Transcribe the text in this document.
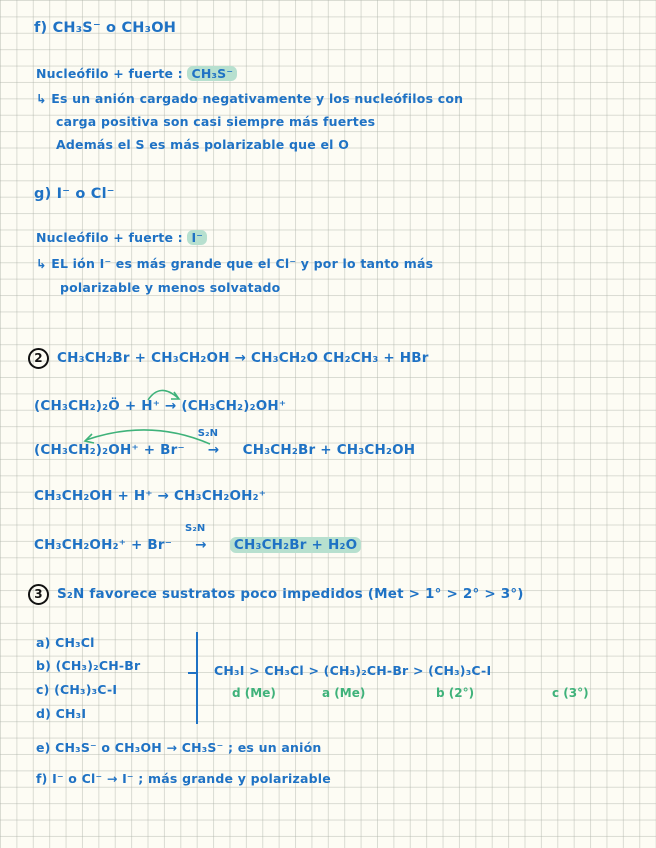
f) CH₃S⁻ o CH₃OH
Nucleófilo + fuerte : CH₃S⁻
↳ Es un anión cargado negativamente y los nucleófilos con
carga positiva son casi siempre más fuertes
Además el S es más polarizable que el O
g) I⁻ o Cl⁻
Nucleófilo + fuerte : I⁻
↳ EL ión I⁻ es más grande que el Cl⁻ y por lo tanto más
polarizable y menos solvatado
2 CH₃CH₂Br + CH₃CH₂OH → CH₃CH₂O CH₂CH₃ + HBr
(CH₃CH₂)₂Ö + H⁺ → (CH₃CH₂)₂OH⁺
(CH₃CH₂)₂OH⁺ + Br⁻
S₂N
→ CH₃CH₂Br + CH₃CH₂OH
CH₃CH₂OH + H⁺ → CH₃CH₂OH₂⁺
CH₃CH₂OH₂⁺ + Br⁻
S₂N
→ CH₃CH₂Br + H₂O
3 S₂N favorece sustratos poco impedidos (Met > 1° > 2° > 3°)
a) CH₃Cl
b) (CH₃)₂CH-Br
c) (CH₃)₃C-I
d) CH₃I
CH₃I > CH₃Cl > (CH₃)₂CH-Br > (CH₃)₃C-I
d (Me)	a (Me)	b (2°)	c (3°)
e) CH₃S⁻ o CH₃OH → CH₃S⁻ ; es un anión
f) I⁻ o Cl⁻ → I⁻ ; más grande y polarizable
